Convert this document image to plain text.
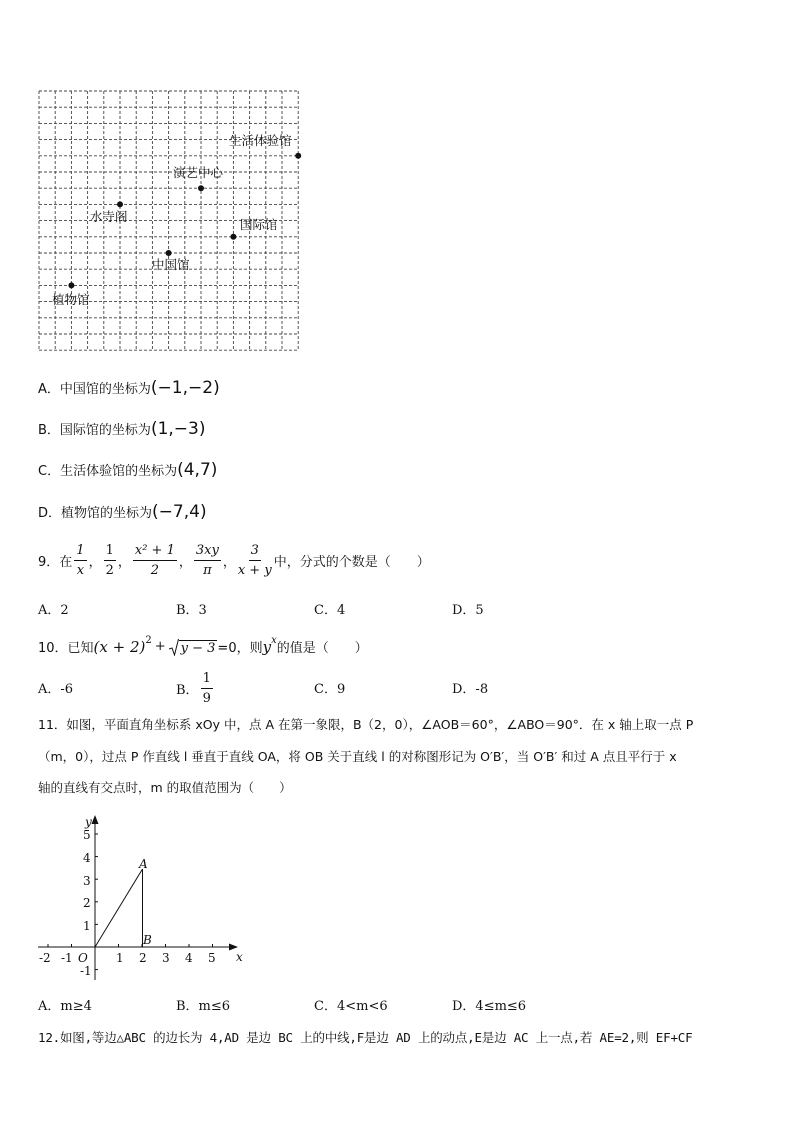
生活体验馆
演艺中心
水寺阁
国际馆
中国馆
植物馆
A．中国馆的坐标为(−1,−2)
B．国际馆的坐标为(1,−3)
C．生活体验馆的坐标为(4,7)
D．植物馆的坐标为(−7,4)
9．在 $\frac{1}{x}$ ， $\frac{1}{2}$ ， $\frac{\text{x² + 1}}{2}$ ， $\frac{3xy}{\pi}$ ， $\frac{3}{x + y}$ 中，分式的个数是（　　）
A．2	B．3	C．4	D．5
10．已知 $(x + 2)^2 + y - 3 =0$，则 $y^x$
的值是（　　）
A．-6	B． $\frac{1}{9}$	C．9	D．-8
11．如图，平面直角坐标系 xOy 中，点 A 在第一象限，B（2，0），∠AOB＝60°，∠ABO＝90°．在 x 轴上取一点 P
（m，0），过点 P 作直线 l 垂直于直线 OA，将 OB 关于直线 l 的对称图形记为 O′B′，当 O′B′ 和过 A 点且平行于 x
轴的直线有交点时，m 的取值范围为（　　）
-2 -1 O 1 2 3 4 5 x
5
4
3
2
1
-1
y
A
B
A．m≥4	B．m≤6	C．4<m<6	D．4≤m≤6
12.如图,等边△ABC 的边长为 4,AD 是边 BC 上的中线,F是边 AD 上的动点,E是边 AC 上一点,若 AE=2,则 EF+CF
